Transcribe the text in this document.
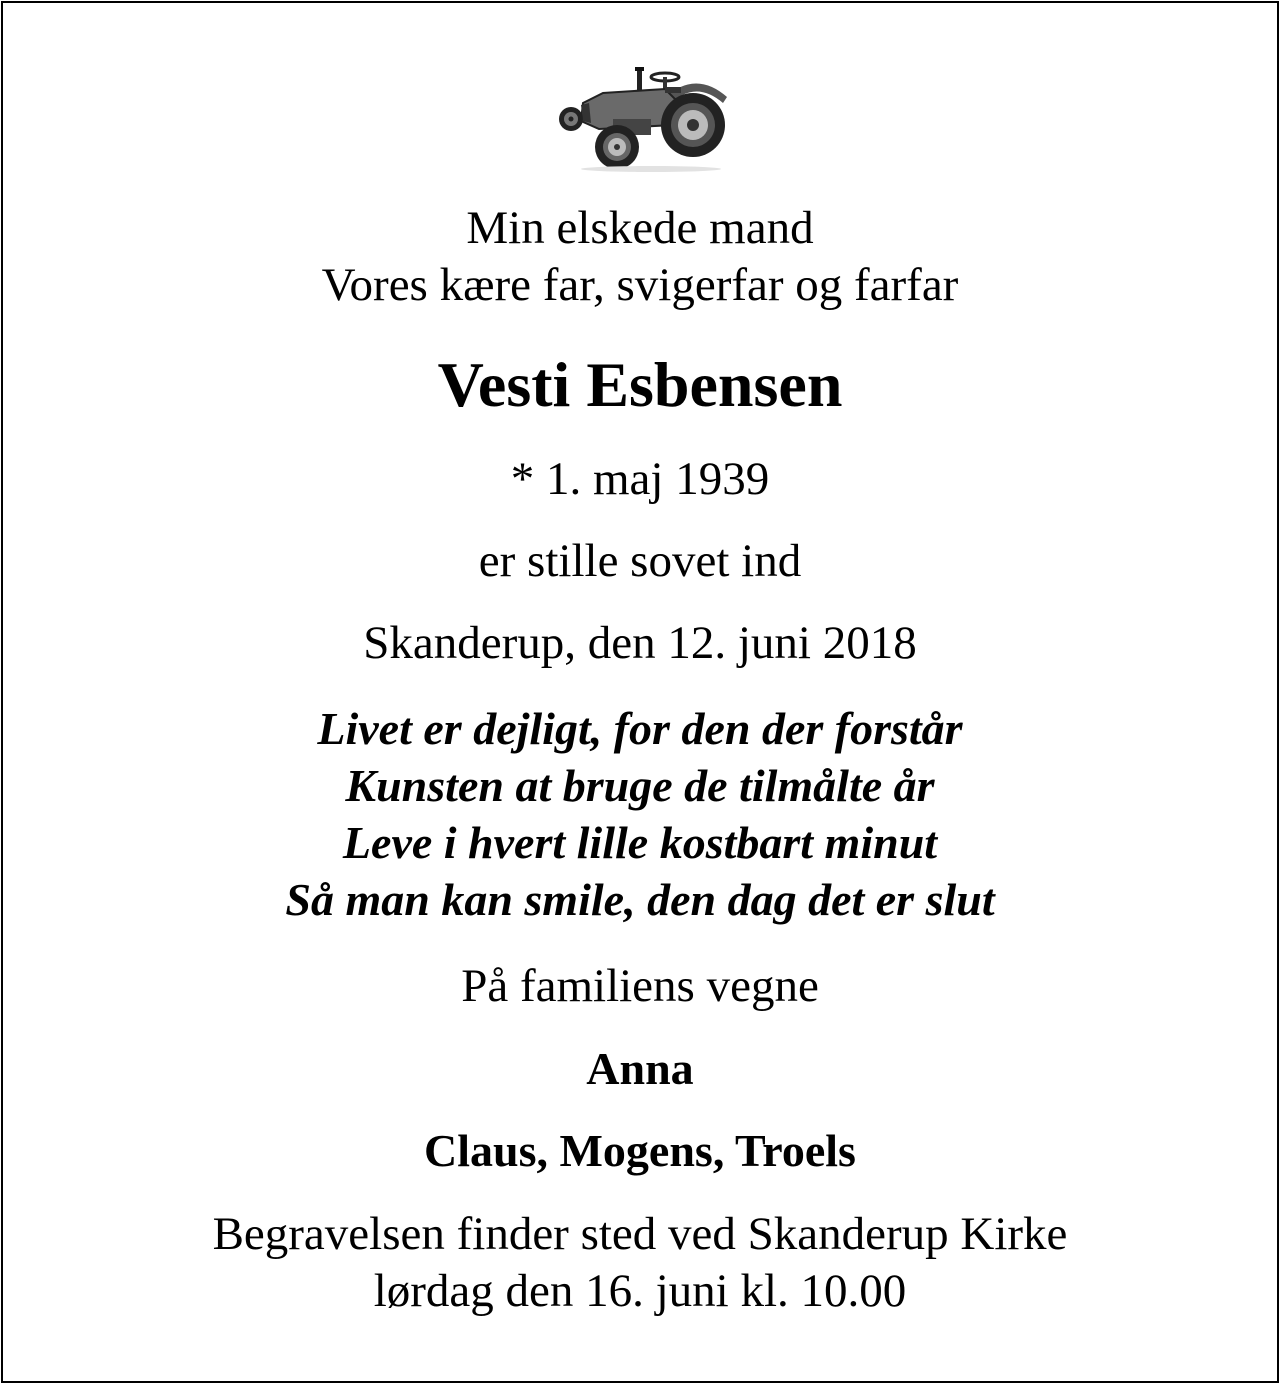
Min elskede mand
Vores kære far, svigerfar og farfar
Vesti Esbensen
* 1. maj 1939
er stille sovet ind
Skanderup, den 12. juni 2018
Livet er dejligt, for den der forstår
Kunsten at bruge de tilmålte år
Leve i hvert lille kostbart minut
Så man kan smile, den dag det er slut
På familiens vegne
Anna
Claus, Mogens, Troels
Begravelsen finder sted ved Skanderup Kirke
lørdag den 16. juni kl. 10.00
